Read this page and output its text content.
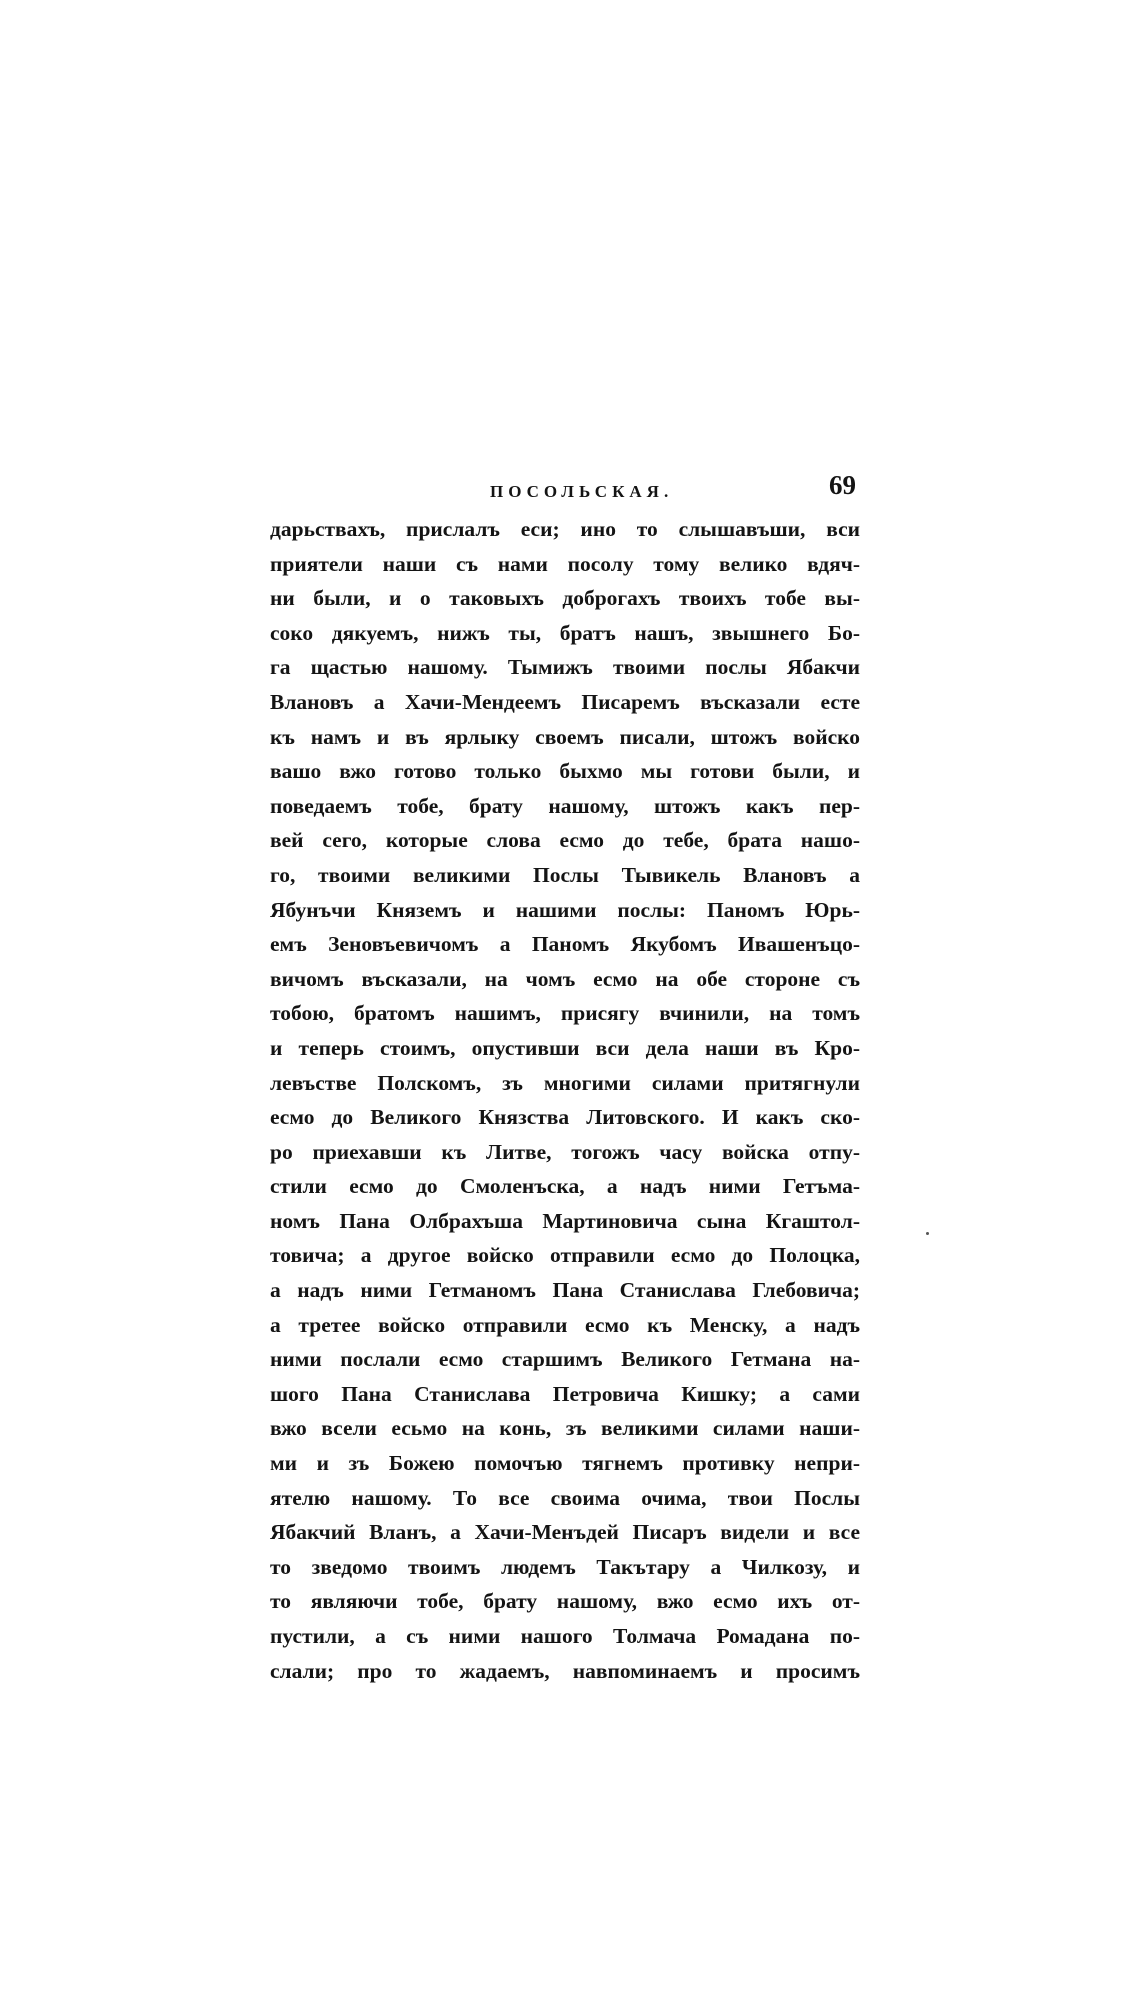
ПОСОЛЬСКАЯ.	69
дарьствахъ, прислалъ еси; ино то слышавъши, вси
приятели наши съ нами посолу тому велико вдяч-
ни были, и о таковыхъ доброгахъ твоихъ тобе вы-
соко дякуемъ, нижъ ты, братъ нашъ, звышнего Бо-
га щастью нашому. Тымижъ твоими послы Ябакчи
Влановъ а Хачи-Мендеемъ Писаремъ въсказали есте
къ намъ и въ ярлыку своемъ писали, штожъ войско
вашо вжо готово только быхмо мы готови были, и
поведаемъ тобе, брату нашому, штожъ какъ пер-
вей сего, которые слова есмо до тебе, брата нашо-
го, твоими великими Послы Тывикель Влановъ а
Ябунъчи Княземъ и нашими послы: Паномъ Юрь-
емъ Зеновъевичомъ а Паномъ Якубомъ Ивашенъцо-
вичомъ въсказали, на чомъ есмо на обе стороне съ
тобою, братомъ нашимъ, присягу вчинили, на томъ
и теперь стоимъ, опустивши вси дела наши въ Кро-
левъстве Полскомъ, зъ многими силами притягнули
есмо до Великого Князства Литовского. И какъ ско-
ро приехавши къ Литве, тогожъ часу войска отпу-
стили есмо до Смоленъска, а надъ ними Гетъма-
номъ Пана Олбрахъша Мартиновича сына Кгаштол-
товича; а другое войско отправили есмо до Полоцка,
а надъ ними Гетманомъ Пана Станислава Глебовича;
а третее войско отправили есмо къ Менску, а надъ
ними послали есмо старшимъ Великого Гетмана на-
шого Пана Станислава Петровича Кишку; а сами
вжо всели есьмо на конь, зъ великими силами наши-
ми и зъ Божею помочъю тягнемъ противку непри-
ятелю нашому. То все своима очима, твои Послы
Ябакчий Вланъ, а Хачи-Менъдей Писаръ видели и все
то зведомо твоимъ людемъ Такътару а Чилкозу, и
то являючи тобе, брату нашому, вжо есмо ихъ от-
пустили, а съ ними нашого Толмача Ромадана по-
слали; про то жадаемъ, навпоминаемъ и просимъ
